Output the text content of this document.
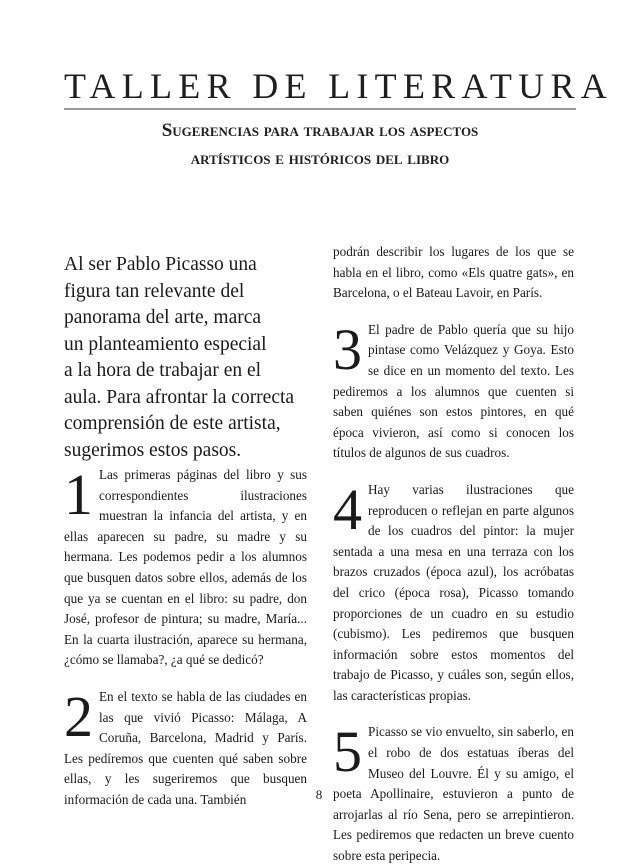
TALLER DE LITERATURA
Sugerencias para trabajar los aspectos
artísticos e históricos del libro
Al ser Pablo Picasso una
figura tan relevante del
panorama del arte, marca
un planteamiento especial
a la hora de trabajar en el
aula. Para afrontar la correcta
comprensión de este artista,
sugerimos estos pasos.

1 Las primeras páginas del libro y sus correspondientes ilustraciones muestran la infancia del artista, y en ellas aparecen su padre, su madre y su hermana. Les podemos pedir a los alumnos que busquen datos sobre ellos, además de los que ya se cuentan en el libro: su padre, don José, profesor de pintura; su madre, María... En la cuarta ilustración, aparece su hermana, ¿cómo se llamaba?, ¿a qué se dedicó?

2 En el texto se habla de las ciudades en las que vivió Picasso: Málaga, A Coruña, Barcelona, Madrid y París. Les pedíremos que cuenten qué saben sobre ellas, y les sugeriremos que busquen información de cada una. También

podrán describir los lugares de los que se habla en el libro, como «Els quatre gats», en Barcelona, o el Bateau Lavoir, en París.

3 El padre de Pablo quería que su hijo pintase como Velázquez y Goya. Esto se dice en un momento del texto. Les pediremos a los alumnos que cuenten si saben quiénes son estos pintores, en qué época vivieron, así como si conocen los títulos de algunos de sus cuadros.

4 Hay varias ilustraciones que reproducen o reflejan en parte algunos de los cuadros del pintor: la mujer sentada a una mesa en una terraza con los brazos cruzados (época azul), los acróbatas del crico (época rosa), Picasso tomando proporciones de un cuadro en su estudio (cubismo). Les pediremos que busquen información sobre estos momentos del trabajo de Picasso, y cuáles son, según ellos, las características propias.

5 Picasso se vio envuelto, sin saberlo, en el robo de dos estatuas íberas del Museo del Louvre. Él y su amigo, el poeta Apollinaire, estuvieron a punto de arrojarlas al río Sena, pero se arrepintieron. Les pediremos que redacten un breve cuento sobre esta peripecia.

8
